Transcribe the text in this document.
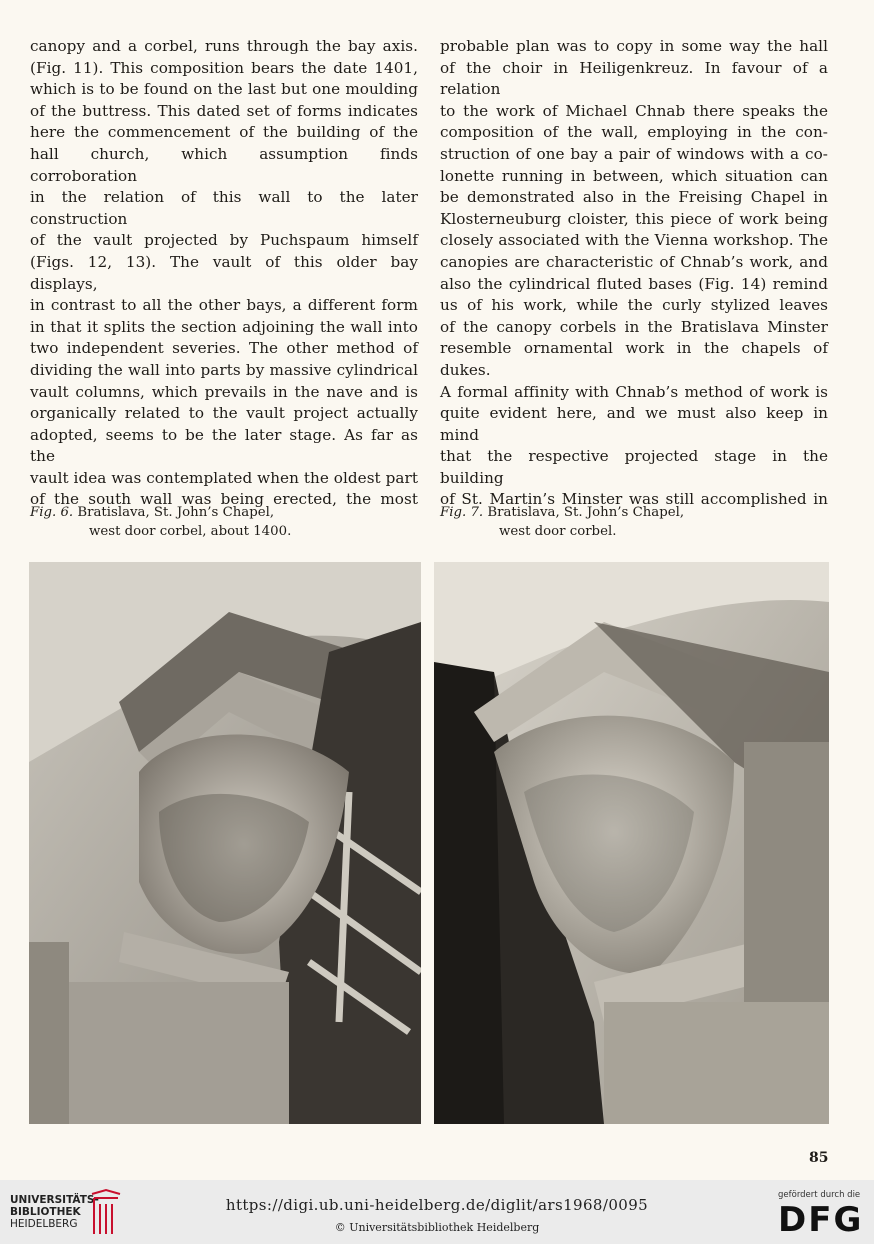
canopy and a corbel, runs through the bay axis.
(Fig. 11). This composition bears the date 1401,
which is to be found on the last but one moulding
of the buttress. This dated set of forms indicates
here the commencement of the building of the
hall church, which assumption finds corroboration
in the relation of this wall to the later construction
of the vault projected by Puchspaum himself
(Figs. 12, 13). The vault of this older bay displays,
in contrast to all the other bays, a different form
in that it splits the section adjoining the wall into
two independent severies. The other method of
dividing the wall into parts by massive cylindrical
vault columns, which prevails in the nave and is
organically related to the vault project actually
adopted, seems to be the later stage. As far as the
vault idea was contemplated when the oldest part
of the south wall was being erected, the most
probable plan was to copy in some way the hall
of the choir in Heiligenkreuz. In favour of a relation
to the work of Michael Chnab there speaks the
composition of the wall, employing in the con-
struction of one bay a pair of windows with a co-
lonette running in between, which situation can
be demonstrated also in the Freising Chapel in
Klosterneuburg cloister, this piece of work being
closely associated with the Vienna workshop. The
canopies are characteristic of Chnab’s work, and
also the cylindrical fluted bases (Fig. 14) remind
us of his work, while the curly stylized leaves
of the canopy corbels in the Bratislava Minster
resemble ornamental work in the chapels of dukes.
A formal affinity with Chnab’s method of work is
quite evident here, and we must also keep in mind
that the respective projected stage in the building
of St. Martin’s Minster was still accomplished in
Fig. 6. Bratislava, St. John’s Chapel,
west door corbel, about 1400.
Fig. 7. Bratislava, St. John’s Chapel,
west door corbel.
85
UNIVERSITÄTS-
BIBLIOTHEK
HEIDELBERG
gefördert durch die
DFG
https://digi.ub.uni-heidelberg.de/diglit/ars1968/0095
© Universitätsbibliothek Heidelberg
